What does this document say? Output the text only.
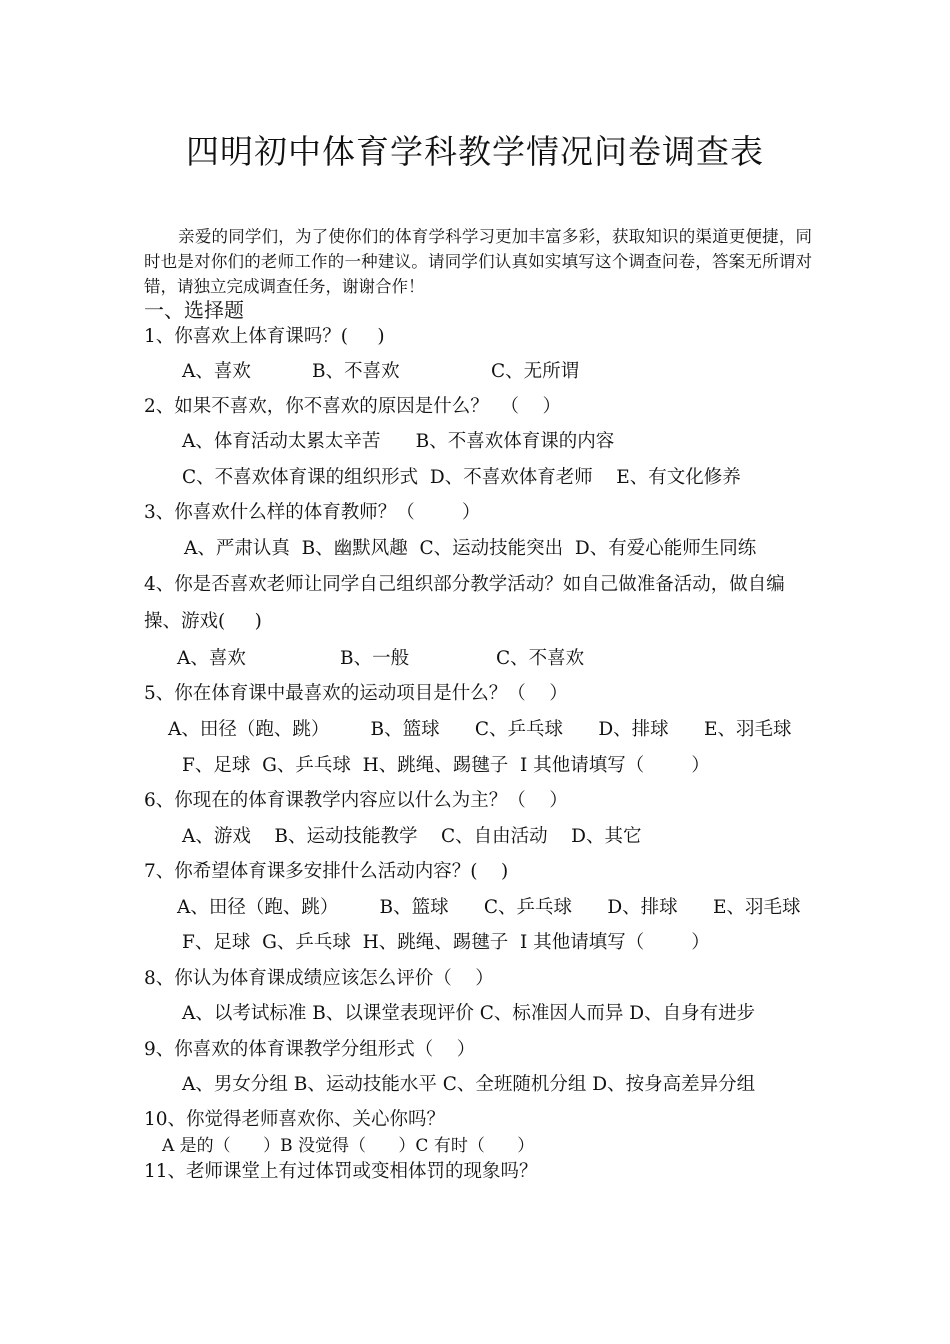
四明初中体育学科教学情况问卷调查表
亲爱的同学们，为了使你们的体育学科学习更加丰富多彩，获取知识的渠道更便捷，同时也是对你们的老师工作的一种建议。请同学们认真如实填写这个调查问卷，答案无所谓对错，请独立完成调查任务，谢谢合作！
一、选择题
1、你喜欢上体育课吗？(     )
A、喜欢	B、不喜欢	C、无所谓
2、如果不喜欢，你不喜欢的原因是什么？  （    ）
A、体育活动太累太辛苦      B、不喜欢体育课的内容
C、不喜欢体育课的组织形式  D、不喜欢体育老师    E、有文化修养
3、你喜欢什么样的体育教师？（        ）
A、严肃认真  B、幽默风趣  C、运动技能突出  D、有爱心能师生同练
4、你是否喜欢老师让同学自己组织部分教学活动？如自己做准备活动，做自编
操、游戏(     )
A、喜欢	B、一般	C、不喜欢
5、你在体育课中最喜欢的运动项目是什么？（    ）
A、田径（跑、跳）       B、篮球      C、乒乓球      D、排球      E、羽毛球
F、足球  G、乒乓球  H、跳绳、踢毽子  I 其他请填写（        ）
6、你现在的体育课教学内容应以什么为主？（    ）
A、游戏    B、运动技能教学    C、自由活动    D、其它
7、你希望体育课多安排什么活动内容？(    )
A、田径（跑、跳）       B、篮球      C、乒乓球      D、排球      E、羽毛球
F、足球  G、乒乓球  H、跳绳、踢毽子  I 其他请填写（        ）
8、你认为体育课成绩应该怎么评价（    ）
A、以考试标准 B、以课堂表现评价 C、标准因人而异 D、自身有进步
9、你喜欢的体育课教学分组形式（    ）
A、男女分组 B、运动技能水平 C、全班随机分组 D、按身高差异分组
10、你觉得老师喜欢你、关心你吗？
A 是的（      ）B 没觉得（      ）C 有时（      ）
11、老师课堂上有过体罚或变相体罚的现象吗？
